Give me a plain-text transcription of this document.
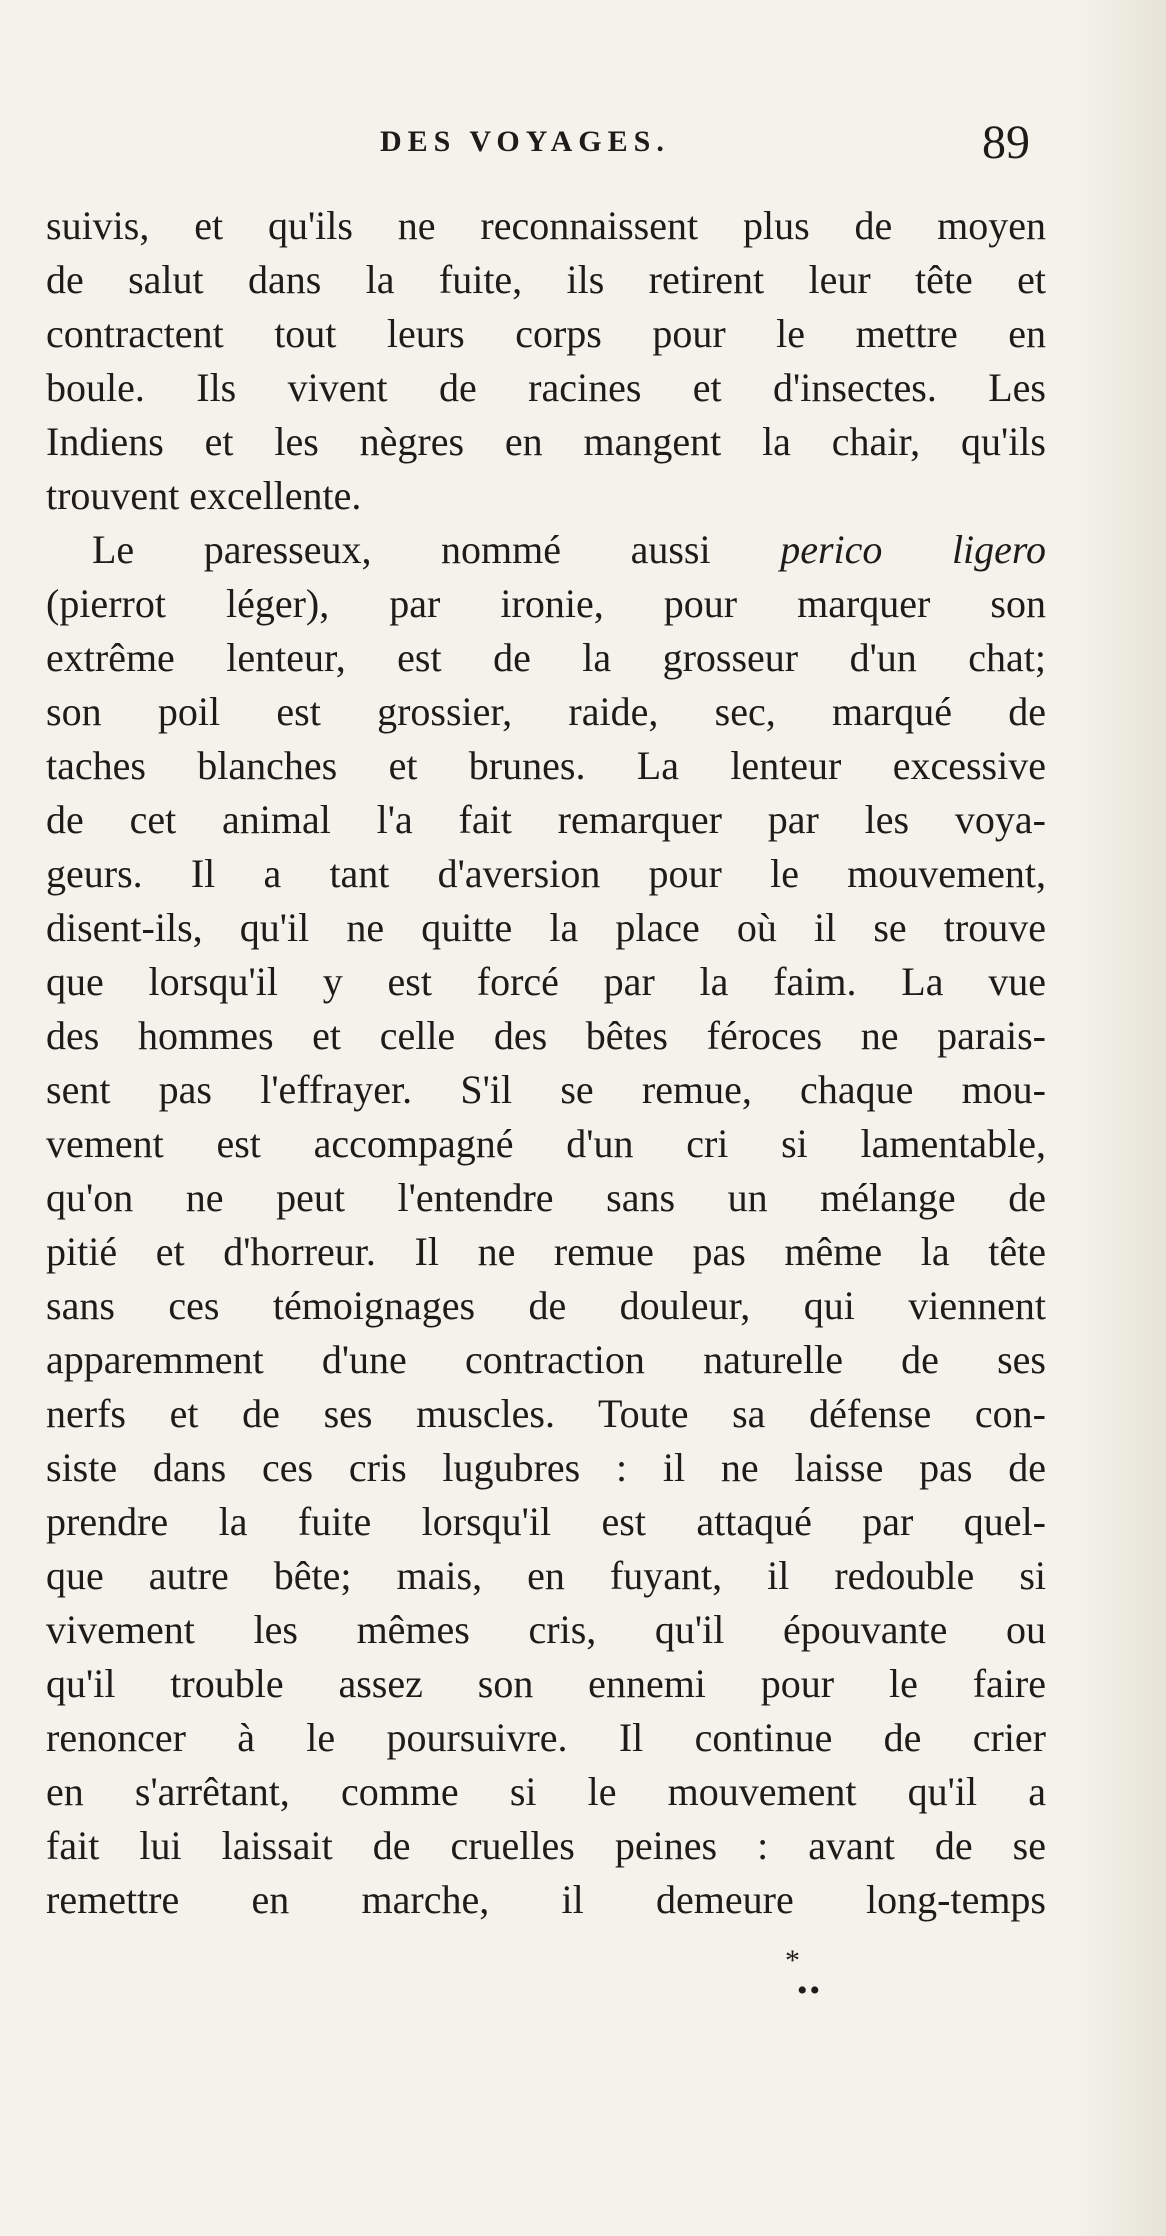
DES VOYAGES.	89
suivis, et qu'ils ne reconnaissent plus de moyen
de salut dans la fuite, ils retirent leur tête et
contractent tout leurs corps pour le mettre en
boule. Ils vivent de racines et d'insectes. Les
Indiens et les nègres en mangent la chair, qu'ils
trouvent excellente.
Le paresseux, nommé aussi perico ligero
(pierrot léger), par ironie, pour marquer son
extrême lenteur, est de la grosseur d'un chat;
son poil est grossier, raide, sec, marqué de
taches blanches et brunes. La lenteur excessive
de cet animal l'a fait remarquer par les voya-
geurs. Il a tant d'aversion pour le mouvement,
disent-ils, qu'il ne quitte la place où il se trouve
que lorsqu'il y est forcé par la faim. La vue
des hommes et celle des bêtes féroces ne parais-
sent pas l'effrayer. S'il se remue, chaque mou-
vement est accompagné d'un cri si lamentable,
qu'on ne peut l'entendre sans un mélange de
pitié et d'horreur. Il ne remue pas même la tête
sans ces témoignages de douleur, qui viennent
apparemment d'une contraction naturelle de ses
nerfs et de ses muscles. Toute sa défense con-
siste dans ces cris lugubres : il ne laisse pas de
prendre la fuite lorsqu'il est attaqué par quel-
que autre bête; mais, en fuyant, il redouble si
vivement les mêmes cris, qu'il épouvante ou
qu'il trouble assez son ennemi pour le faire
renoncer à le poursuivre. Il continue de crier
en s'arrêtant, comme si le mouvement qu'il a
fait lui laissait de cruelles peines : avant de se
remettre en marche, il demeure long-temps
*
••
